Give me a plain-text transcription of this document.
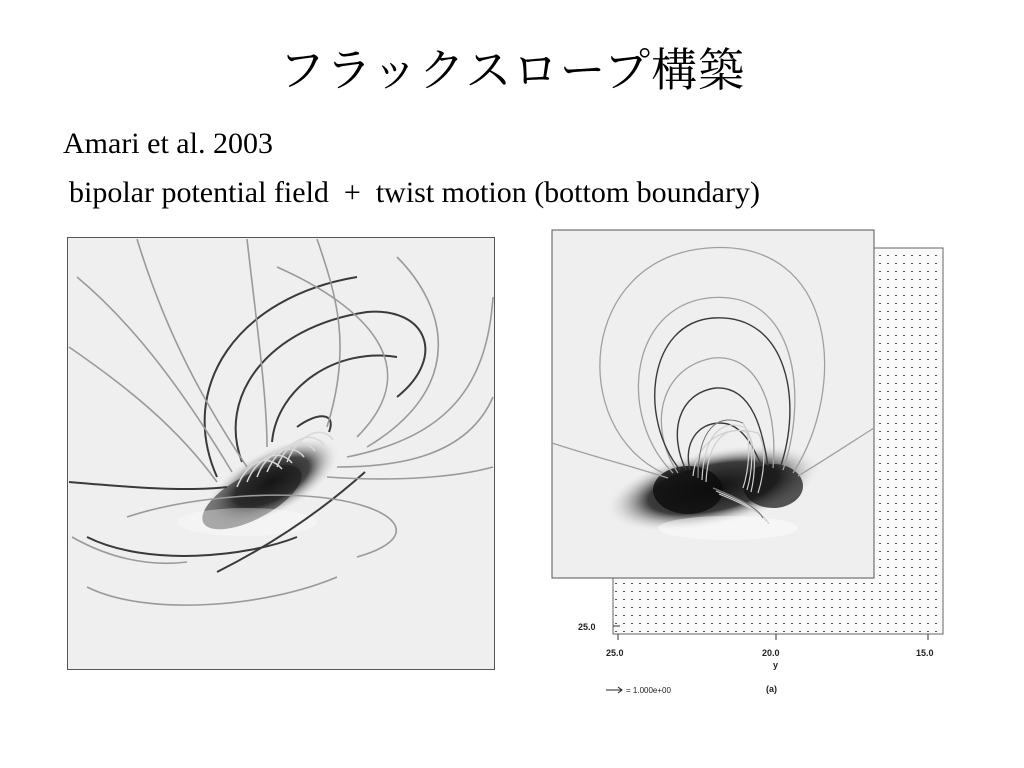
フラックスロープ構築
Amari et al. 2003
bipolar potential field  +  twist motion (bottom boundary)
25.0
25.0	20.0	15.0
y
= 1.000e+00	(a)
